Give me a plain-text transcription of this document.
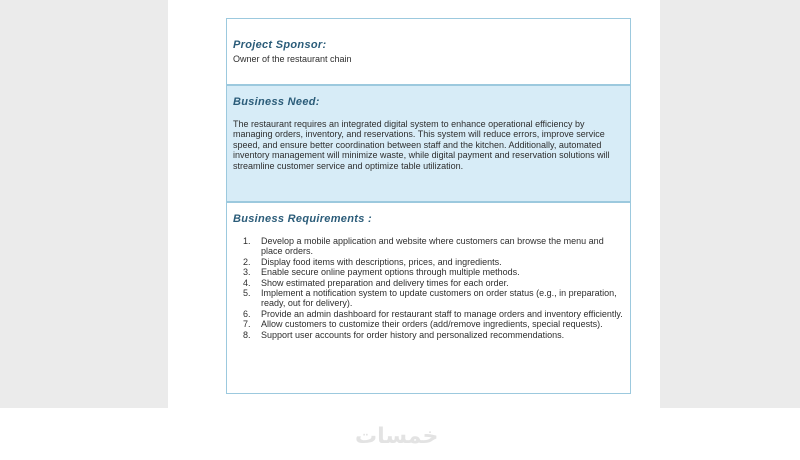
Project Sponsor:
Owner of the restaurant chain
Business Need:
The restaurant requires an integrated digital system to enhance operational efficiency by managing orders, inventory, and reservations. This system will reduce errors, improve service speed, and ensure better coordination between staff and the kitchen. Additionally, automated inventory management will minimize waste, while digital payment and reservation solutions will streamline customer service and optimize table utilization.
Business Requirements :
1. Develop a mobile application and website where customers can browse the menu and place orders.
2. Display food items with descriptions, prices, and ingredients.
3. Enable secure online payment options through multiple methods.
4. Show estimated preparation and delivery times for each order.
5. Implement a notification system to update customers on order status (e.g., in preparation, ready, out for delivery).
6. Provide an admin dashboard for restaurant staff to manage orders and inventory efficiently.
7. Allow customers to customize their orders (add/remove ingredients, special requests).
8. Support user accounts for order history and personalized recommendations.
خمسات
